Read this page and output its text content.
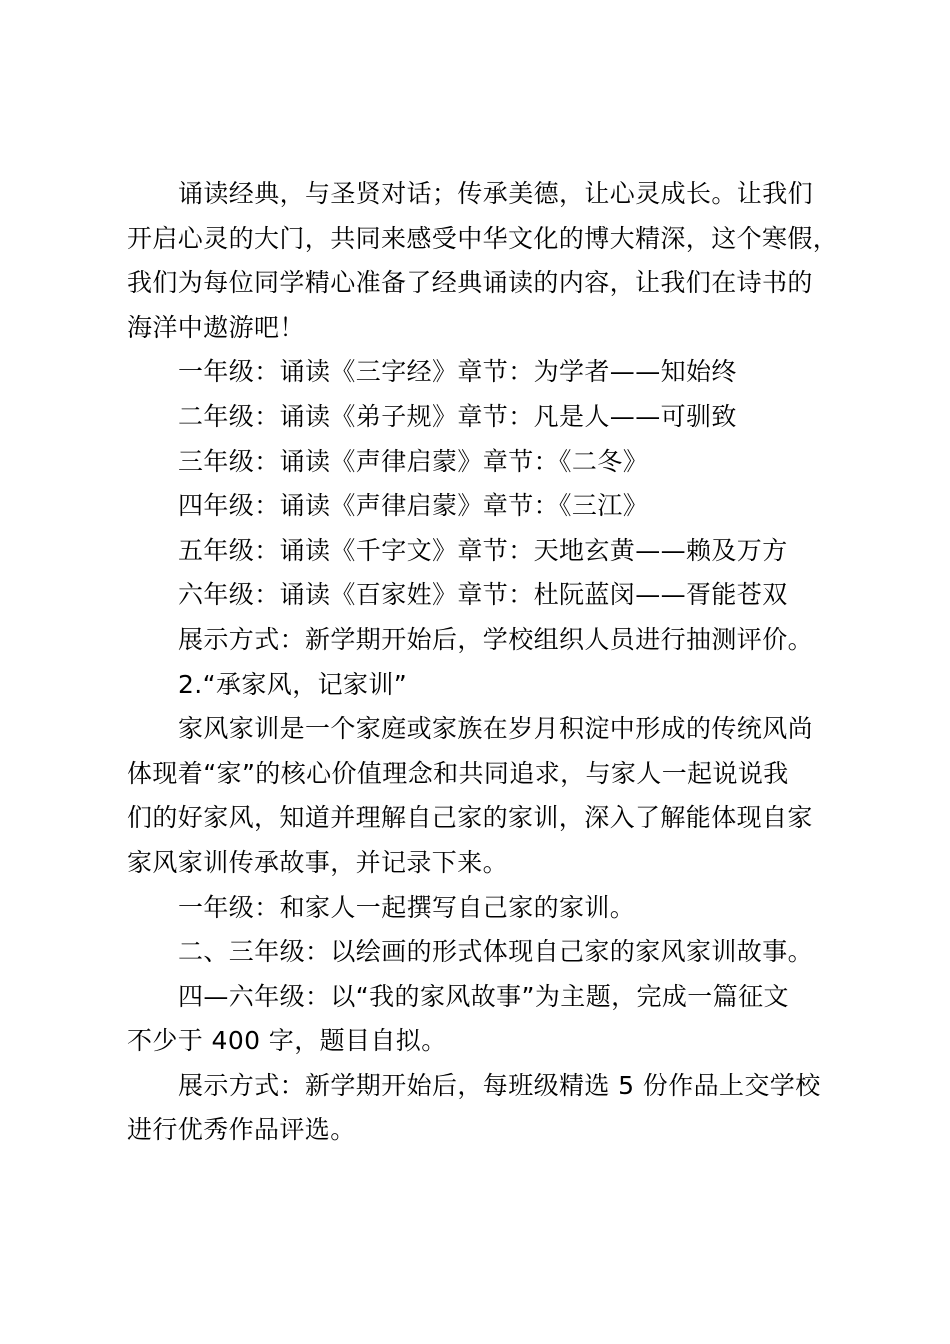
诵读经典，与圣贤对话；传承美德，让心灵成长。让我们

开启心灵的大门，共同来感受中华文化的博大精深，这个寒假，

我们为每位同学精心准备了经典诵读的内容，让我们在诗书的

海洋中遨游吧！

一年级：诵读《三字经》章节：为学者——知始终

二年级：诵读《弟子规》章节：凡是人——可驯致

三年级：诵读《声律启蒙》章节：《二冬》

四年级：诵读《声律启蒙》章节：《三江》

五年级：诵读《千字文》章节：天地玄黄——赖及万方

六年级：诵读《百家姓》章节：杜阮蓝闵——胥能苍双

展示方式：新学期开始后，学校组织人员进行抽测评价。

2.“承家风，记家训”

家风家训是一个家庭或家族在岁月积淀中形成的传统风尚

体现着“家”的核心价值理念和共同追求，与家人一起说说我

们的好家风，知道并理解自己家的家训，深入了解能体现自家

家风家训传承故事，并记录下来。

一年级：和家人一起撰写自己家的家训。

二、三年级：以绘画的形式体现自己家的家风家训故事。

四—六年级：以“我的家风故事”为主题，完成一篇征文

不少于 400 字，题目自拟。

展示方式：新学期开始后，每班级精选 5 份作品上交学校

进行优秀作品评选。
